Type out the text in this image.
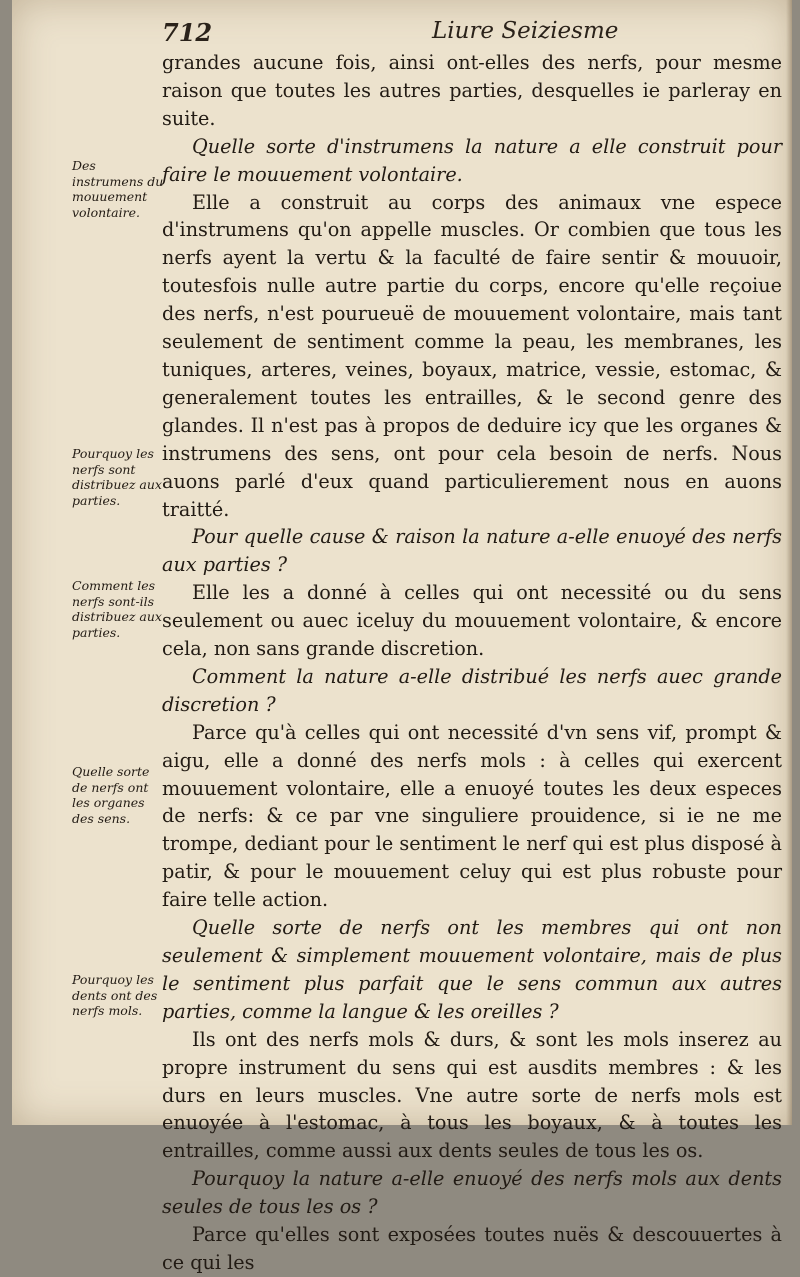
712	Liure Seiziesme

grandes aucune fois, ainsi ont-elles des nerfs, pour mesme raison que toutes les autres parties, desquelles ie parleray en suite.

Quelle sorte d'instrumens la nature a elle construit pour faire le mouuement volontaire.

Elle a construit au corps des animaux vne espece d'instrumens qu'on appelle muscles. Or combien que tous les nerfs ayent la vertu & la faculté de faire sentir & mouuoir, toutesfois nulle autre partie du corps, encore qu'elle reçoiue des nerfs, n'est pourueuë de mouuement volontaire, mais tant seulement de sentiment comme la peau, les membranes, les tuniques, arteres, veines, boyaux, matrice, vessie, estomac, & generalement toutes les entrailles, & le second genre des glandes. Il n'est pas à propos de deduire icy que les organes & instrumens des sens, ont pour cela besoin de nerfs. Nous auons parlé d'eux quand particulierement nous en auons traitté.

Pour quelle cause & raison la nature a-elle enuoyé des nerfs aux parties ?

Elle les a donné à celles qui ont necessité ou du sens seulement ou auec iceluy du mouuement volontaire, & encore cela, non sans grande discretion.

Comment la nature a-elle distribué les nerfs auec grande discretion ?

Parce qu'à celles qui ont necessité d'vn sens vif, prompt & aigu, elle a donné des nerfs mols : à celles qui exercent mouuement volontaire, elle a enuoyé toutes les deux especes de nerfs: & ce par vne singuliere prouidence, si ie ne me trompe, dediant pour le sentiment le nerf qui est plus disposé à patir, & pour le mouuement celuy qui est plus robuste pour faire telle action.

Quelle sorte de nerfs ont les membres qui ont non seulement & simplement mouuement volontaire, mais de plus le sentiment plus parfait que le sens commun aux autres parties, comme la langue & les oreilles ?

Ils ont des nerfs mols & durs, & sont les mols inserez au propre instrument du sens qui est ausdits membres : & les durs en leurs muscles. Vne autre sorte de nerfs mols est enuoyée à l'estomac, à tous les boyaux, & à toutes les entrailles, comme aussi aux dents seules de tous les os.

Pourquoy la nature a-elle enuoyé des nerfs mols aux dents seules de tous les os ?

Parce qu'elles sont exposées toutes nuës & descouuertes à ce qui les

Des instrumens du mouuement volontaire.
Pourquoy les nerfs sont distribuez aux parties.
Comment les nerfs sont-ils distribuez aux parties.
Quelle sorte de nerfs ont les organes des sens.
Pourquoy les dents ont des nerfs mols.
